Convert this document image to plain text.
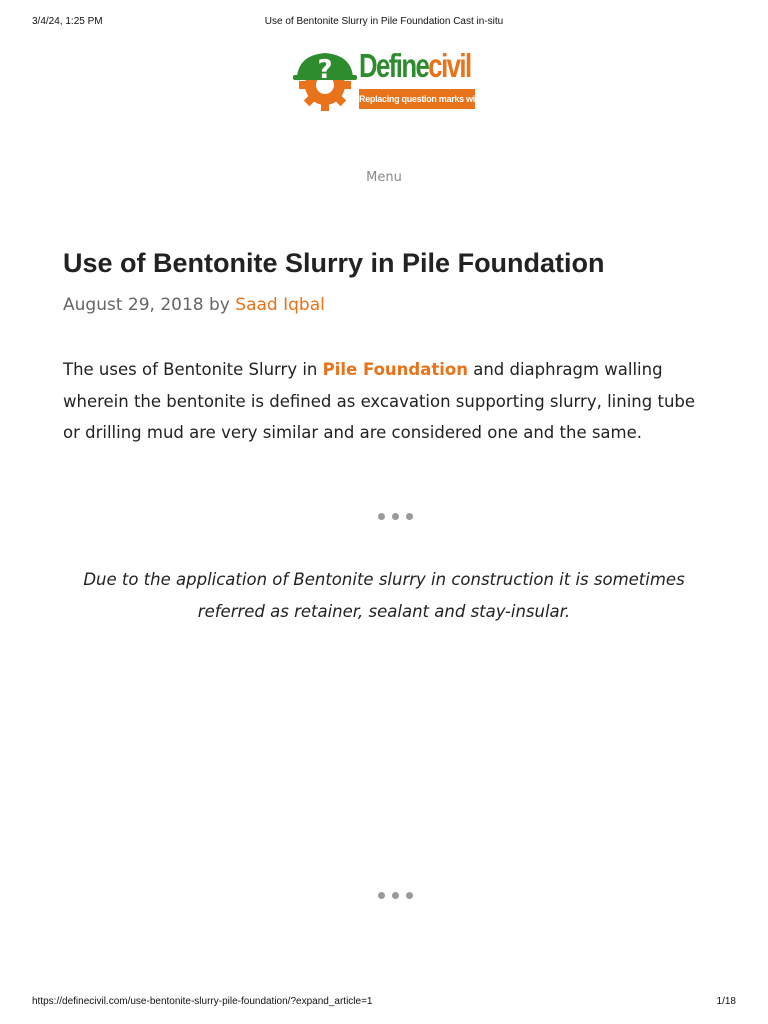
3/4/24, 1:25 PM	Use of Bentonite Slurry in Pile Foundation Cast in-situ
? Definecivil
Replacing question marks with full stops.
Menu
Use of Bentonite Slurry in Pile Foundation
August 29, 2018 by Saad Iqbal

The uses of Bentonite Slurry in Pile Foundation and diaphragm walling wherein the bentonite is defined as excavation supporting slurry, lining tube or drilling mud are very similar and are considered one and the same.

Due to the application of Bentonite slurry in construction it is sometimes referred as retainer, sealant and stay-insular.

https://definecivil.com/use-bentonite-slurry-pile-foundation/?expand_article=1	1/18
